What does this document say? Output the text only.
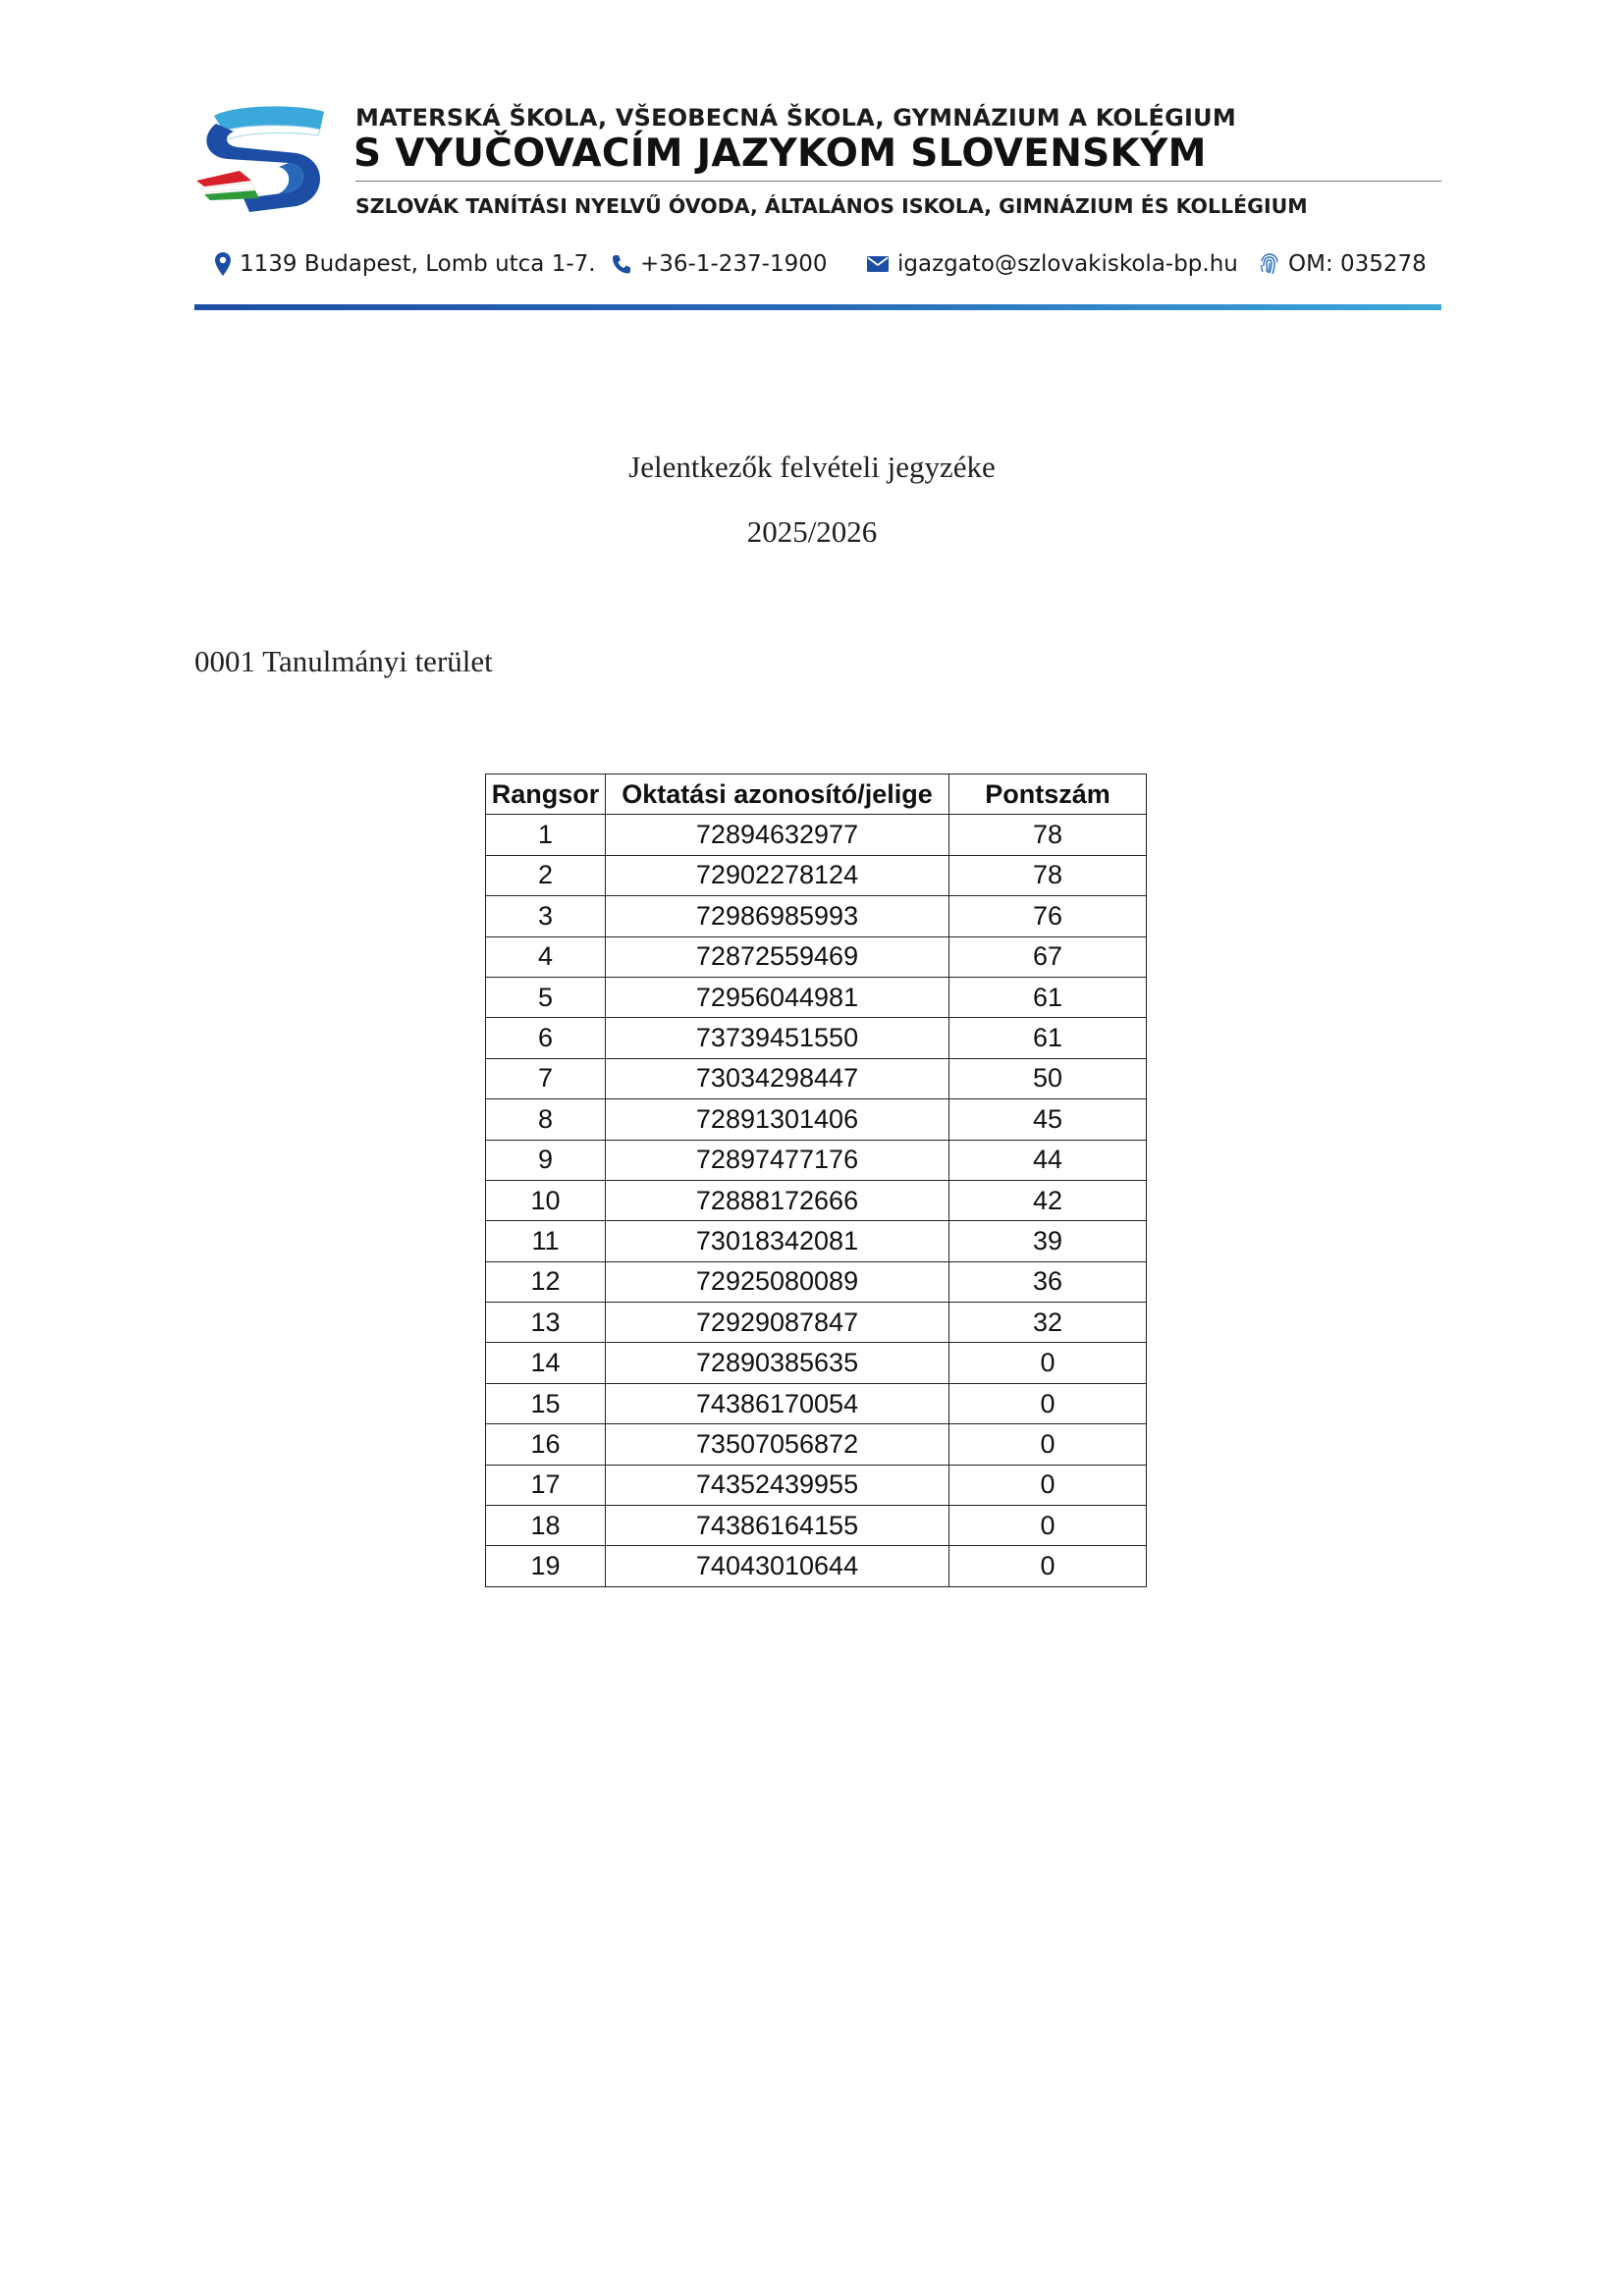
MATERSKÁ ŠKOLA, VŠEOBECNÁ ŠKOLA, GYMNÁZIUM A KOLÉGIUM
S VYUČOVACÍM JAZYKOM SLOVENSKÝM
SZLOVÁK TANÍTÁSI NYELVŰ ÓVODA, ÁLTALÁNOS ISKOLA, GIMNÁZIUM ÉS KOLLÉGIUM
1139 Budapest, Lomb utca 1-7. +36-1-237-1900	igazgato@szlovakiskola-bp.hu OM: 035278
Jelentkezők felvételi jegyzéke
2025/2026
0001 Tanulmányi terület
Rangsor	Oktatási azonosító/jelige	Pontszám
1	72894632977	78
2	72902278124	78
3	72986985993	76
4	72872559469	67
5	72956044981	61
6	73739451550	61
7	73034298447	50
8	72891301406	45
9	72897477176	44
10	72888172666	42
11	73018342081	39
12	72925080089	36
13	72929087847	32
14	72890385635	0
15	74386170054	0
16	73507056872	0
17	74352439955	0
18	74386164155	0
19	74043010644	0
